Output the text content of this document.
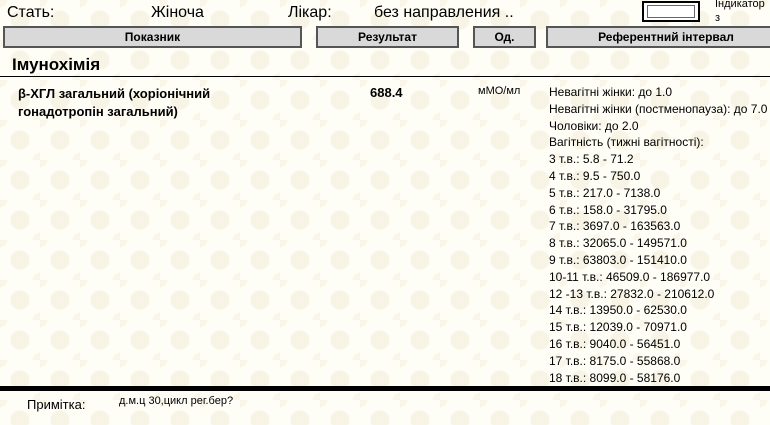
Стать:	Жіноча	Лікар:	без направления ..	Індикатор з
Показник	Результат	Од.	Референтний інтервал
Імунохімія
β-ХГЛ загальний (хоріонічний
гонадотропін загальний)
688.4	мМО/мл Невагітні жінки: до 1.0
Невагітні жінки (постменопауза): до 7.0
Чоловіки: до 2.0
Вагітність (тижні вагітності):
3 т.в.: 5.8 - 71.2
4 т.в.: 9.5 - 750.0
5 т.в.: 217.0 - 7138.0
6 т.в.: 158.0 - 31795.0
7 т.в.: 3697.0 - 163563.0
8 т.в.: 32065.0 - 149571.0
9 т.в.: 63803.0 - 151410.0
10-11 т.в.: 46509.0 - 186977.0
12 -13 т.в.: 27832.0 - 210612.0
14 т.в.: 13950.0 - 62530.0
15 т.в.: 12039.0 - 70971.0
16 т.в.: 9040.0 - 56451.0
17 т.в.: 8175.0 - 55868.0
18 т.в.: 8099.0 - 58176.0
Примітка:	д.м.ц 30,цикл рег.бер?
